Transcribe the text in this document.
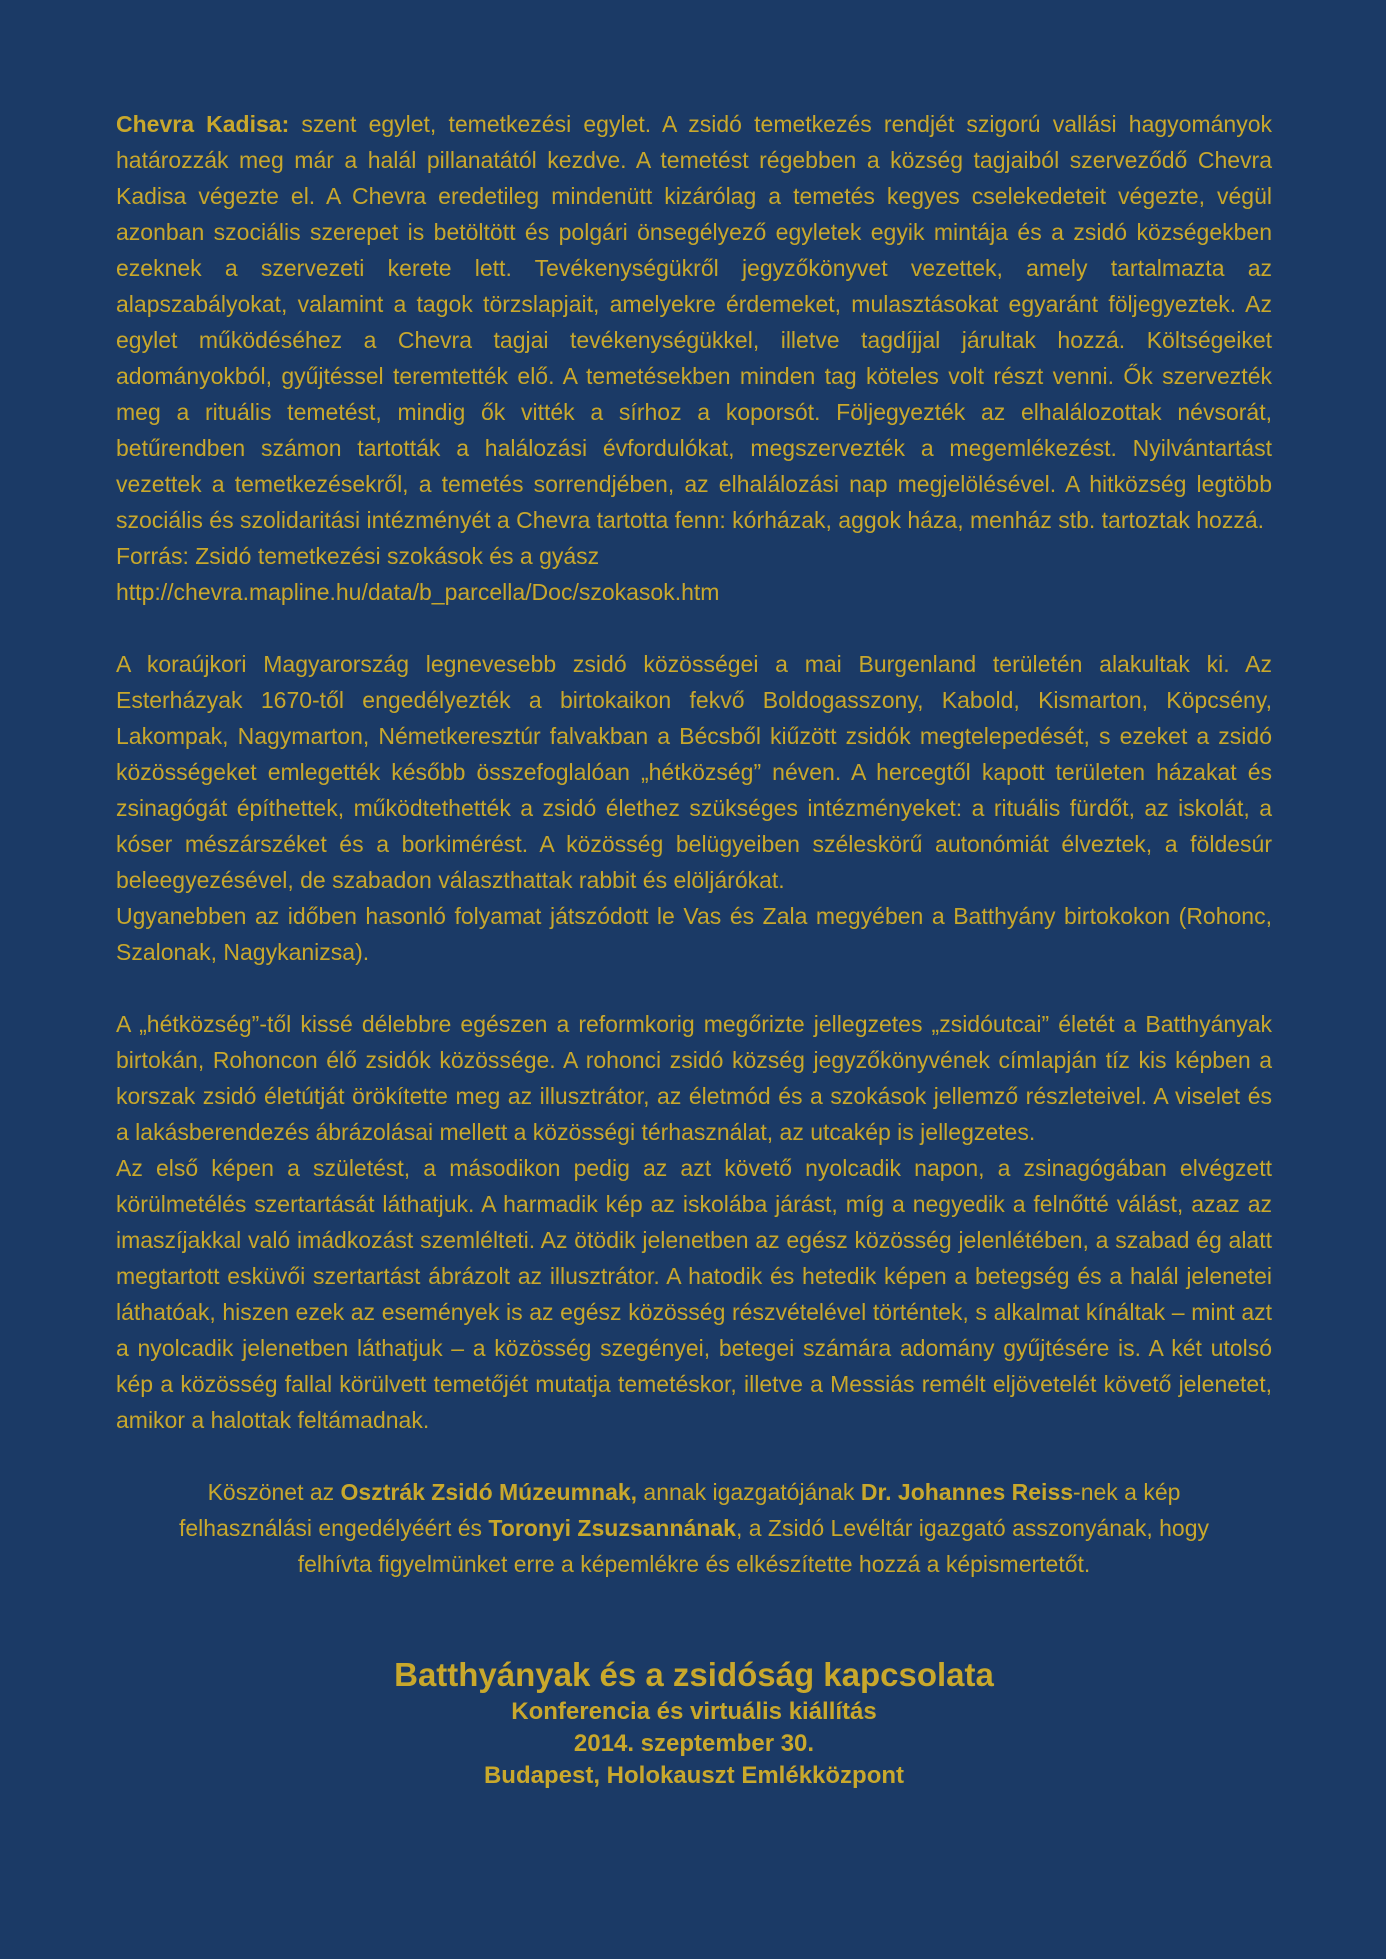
Chevra Kadisa: szent egylet, temetkezési egylet. A zsidó temetkezés rendjét szigorú vallási hagyományok határozzák meg már a halál pillanatától kezdve. A temetést régebben a község tagjaiból szerveződő Chevra Kadisa végezte el. A Chevra eredetileg mindenütt kizárólag a temetés kegyes cselekedeteit végezte, végül azonban szociális szerepet is betöltött és polgári önsegélyező egyletek egyik mintája és a zsidó községekben ezeknek a szervezeti kerete lett. Tevékenységükről jegyzőkönyvet vezettek, amely tartalmazta az alapszabályokat, valamint a tagok törzslapjait, amelyekre érdemeket, mulasztásokat egyaránt följegyeztek. Az egylet működéséhez a Chevra tagjai tevékenységükkel, illetve tagdíjjal járultak hozzá. Költségeiket adományokból, gyűjtéssel teremtették elő. A temetésekben minden tag köteles volt részt venni. Ők szervezték meg a rituális temetést, mindig ők vitték a sírhoz a koporsót. Följegyezték az elhalálozottak névsorát, betűrendben számon tartották a halálozási évfordulókat, megszervezték a megemlékezést. Nyilvántartást vezettek a temetkezésekről, a temetés sorrendjében, az elhalálozási nap megjelölésével. A hitközség legtöbb szociális és szolidaritási intézményét a Chevra tartotta fenn: kórházak, aggok háza, menház stb. tartoztak hozzá.

Forrás: Zsidó temetkezési szokások és a gyász

http://chevra.mapline.hu/data/b_parcella/Doc/szokasok.htm

A koraújkori Magyarország legnevesebb zsidó közösségei a mai Burgenland területén alakultak ki. Az Esterházyak 1670-től engedélyezték a birtokaikon fekvő Boldogasszony, Kabold, Kismarton, Köpcsény, Lakompak, Nagymarton, Németkeresztúr falvakban a Bécsből kiűzött zsidók megtelepedését, s ezeket a zsidó közösségeket emlegették később összefoglalóan „hétközség” néven. A hercegtől kapott területen házakat és zsinagógát építhettek, működtethették a zsidó élethez szükséges intézményeket: a rituális fürdőt, az iskolát, a kóser mészárszéket és a borkimérést. A közösség belügyeiben széleskörű autonómiát élveztek, a földesúr beleegyezésével, de szabadon választhattak rabbit és elöljárókat.

Ugyanebben az időben hasonló folyamat játszódott le Vas és Zala megyében a Batthyány birtokokon (Rohonc, Szalonak, Nagykanizsa).

A „hétközség”-től kissé délebbre egészen a reformkorig megőrizte jellegzetes „zsidóutcai” életét a Batthyányak birtokán, Rohoncon élő zsidók közössége. A rohonci zsidó község jegyzőkönyvének címlapján tíz kis képben a korszak zsidó életútját örökítette meg az illusztrátor, az életmód és a szokások jellemző részleteivel. A viselet és a lakásberendezés ábrázolásai mellett a közösségi térhasználat, az utcakép is jellegzetes.

Az első képen a születést, a másodikon pedig az azt követő nyolcadik napon, a zsinagógában elvégzett körülmetélés szertartását láthatjuk. A harmadik kép az iskolába járást, míg a negyedik a felnőtté válást, azaz az imaszíjakkal való imádkozást szemlélteti. Az ötödik jelenetben az egész közösség jelenlétében, a szabad ég alatt megtartott esküvői szertartást ábrázolt az illusztrátor. A hatodik és hetedik képen a betegség és a halál jelenetei láthatóak, hiszen ezek az események is az egész közösség részvételével történtek, s alkalmat kínáltak – mint azt a nyolcadik jelenetben láthatjuk – a közösség szegényei, betegei számára adomány gyűjtésére is. A két utolsó kép a közösség fallal körülvett temetőjét mutatja temetéskor, illetve a Messiás remélt eljövetelét követő jelenetet, amikor a halottak feltámadnak.

Köszönet az Osztrák Zsidó Múzeumnak, annak igazgatójának Dr. Johannes Reiss-nek a kép felhasználási engedélyéért és Toronyi Zsuzsannának, a Zsidó Levéltár igazgató asszonyának, hogy felhívta figyelmünket erre a képemlékre és elkészítette hozzá a képismertetőt.
Batthyányak és a zsidóság kapcsolata
Konferencia és virtuális kiállítás
2014. szeptember 30.
Budapest, Holokauszt Emlékközpont
